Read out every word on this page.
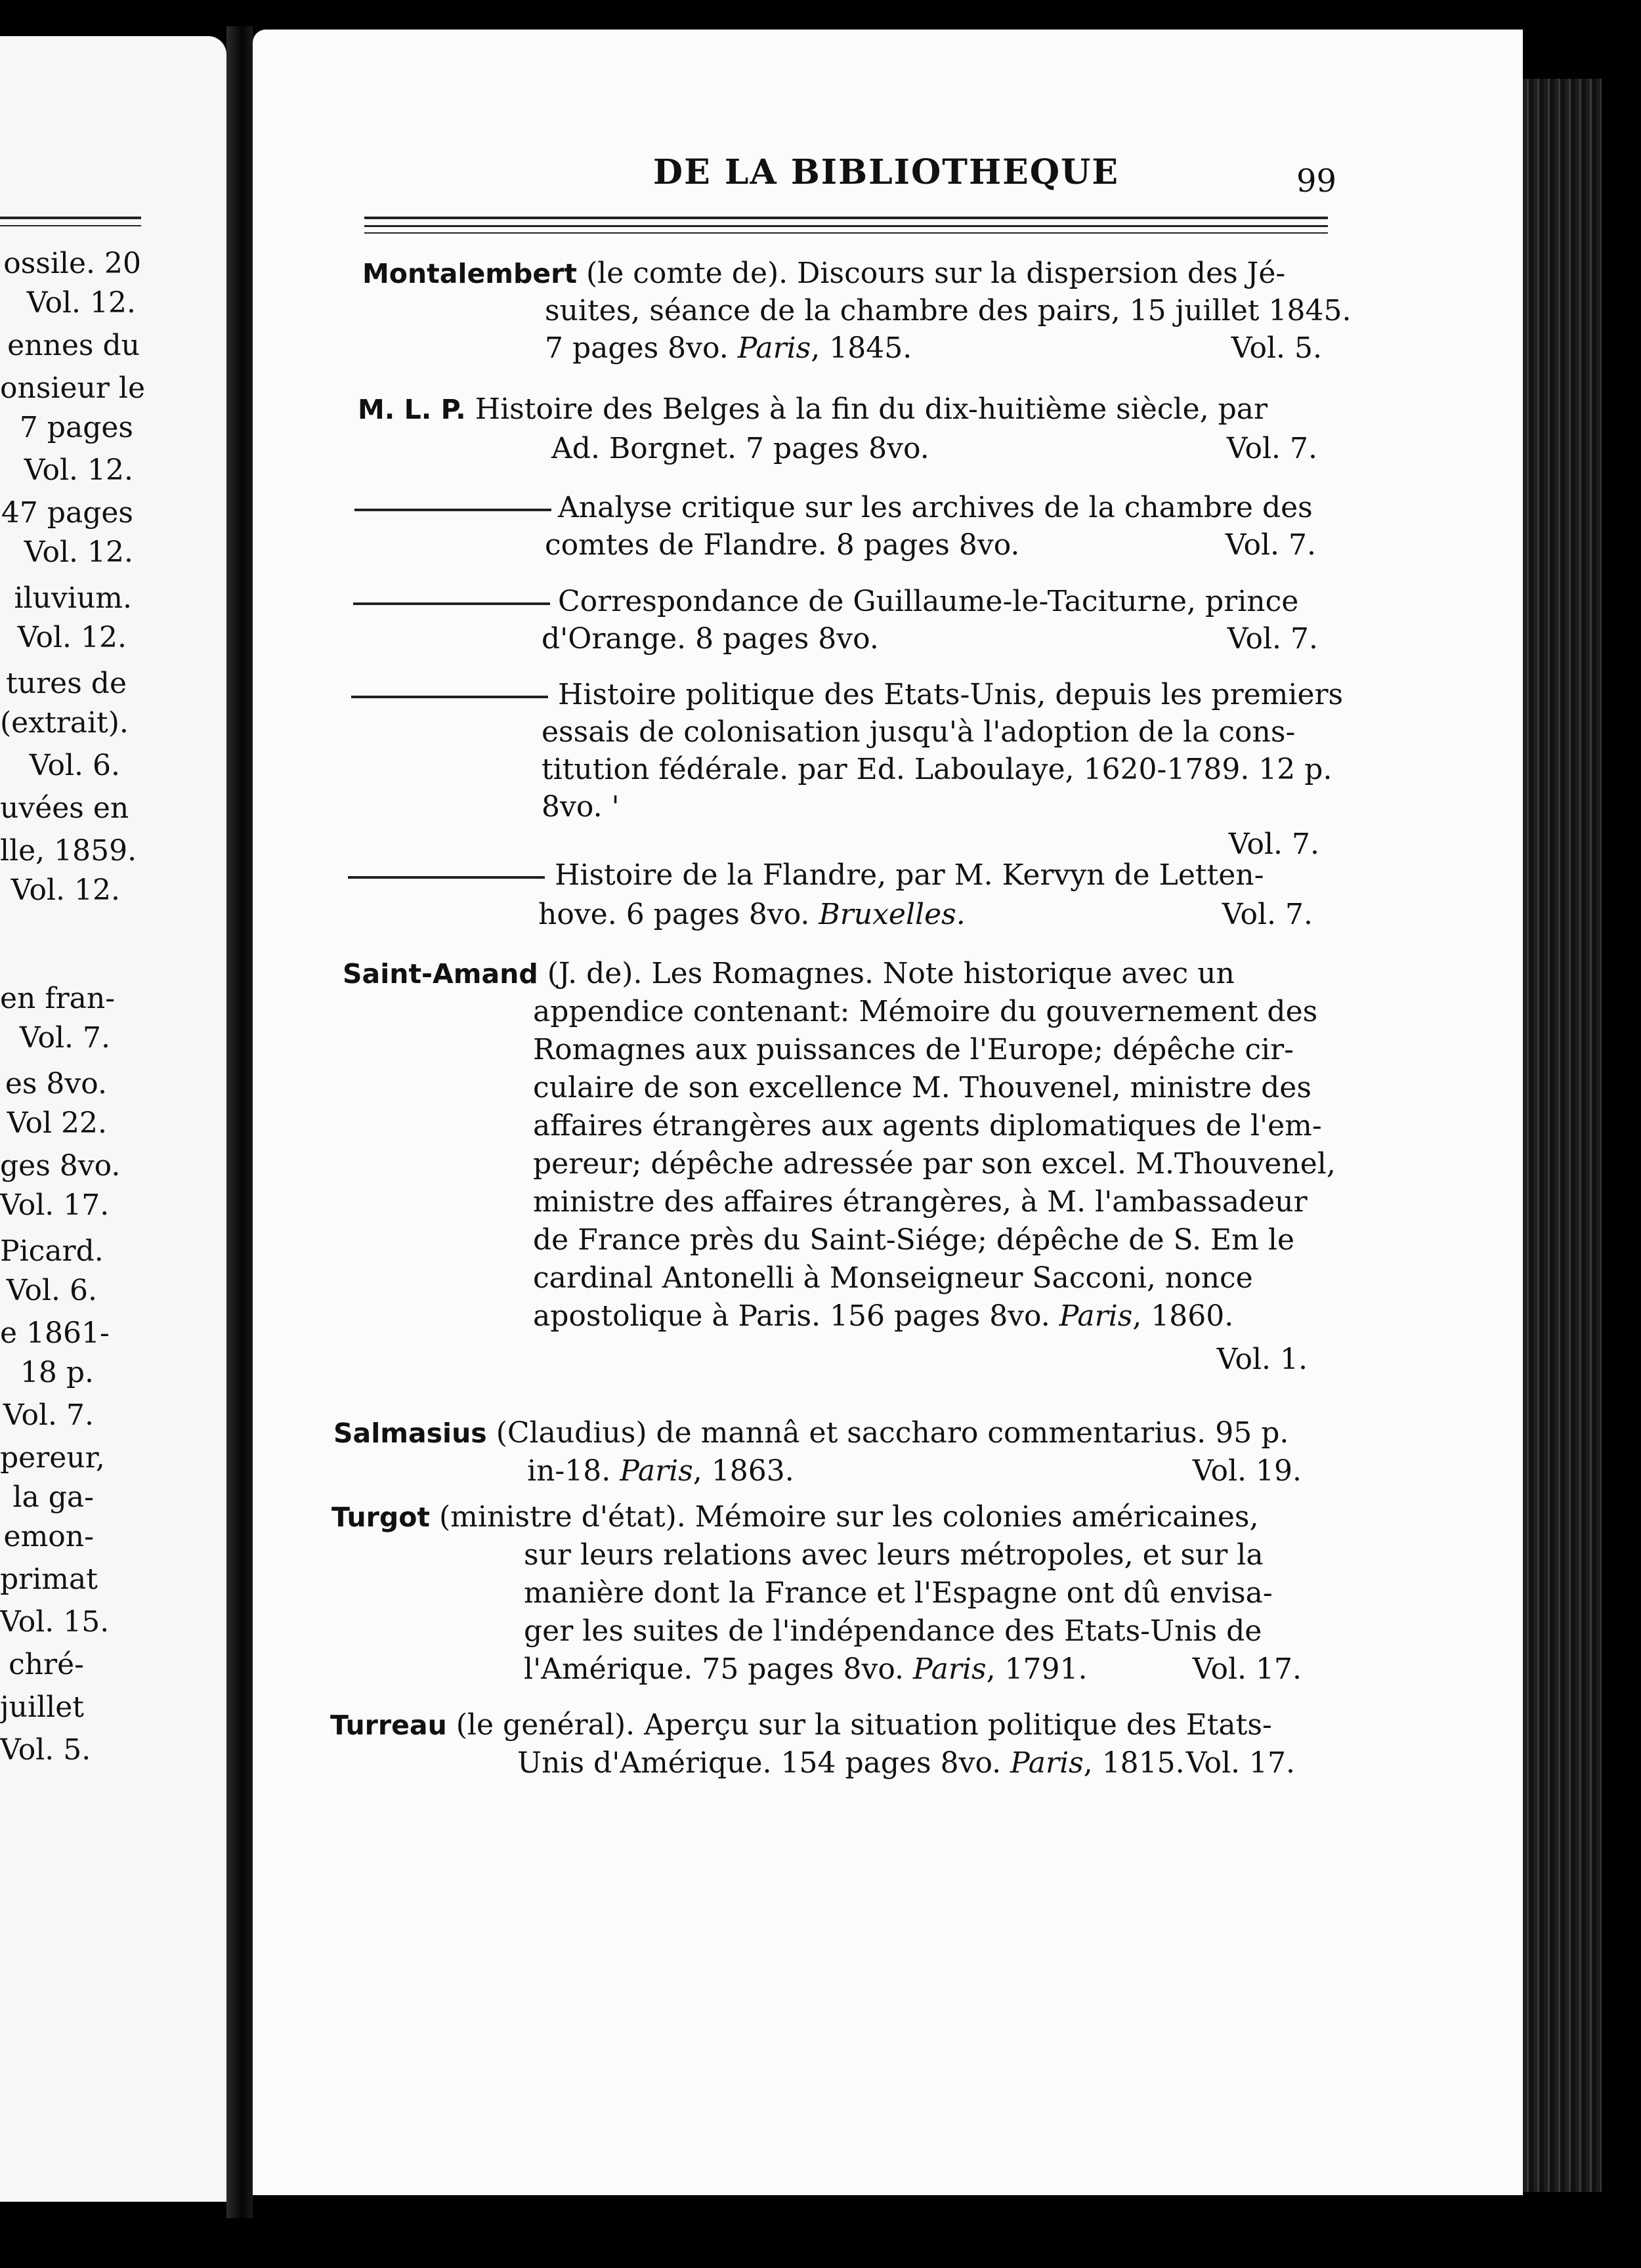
ossile. 20
Vol. 12.
ennes du
onsieur le
7 pages
Vol. 12.
47 pages
Vol. 12.
iluvium.
Vol. 12.
tures de
(extrait).
Vol. 6.
uvées en
lle, 1859.
Vol. 12.
en fran-
Vol. 7.
es 8vo.
Vol 22.
ges 8vo.
Vol. 17.
Picard.
Vol. 6.
e 1861-
18 p.
Vol. 7.
pereur,
la ga-
emon-
primat
Vol. 15.
chré-
juillet
Vol. 5.
DE LA BIBLIOTHEQUE	99
Montalembert (le comte de). Discours sur la dispersion des Jé-
suites, séance de la chambre des pairs, 15 juillet 1845.
7 pages 8vo. Paris, 1845.	Vol. 5.
M. L. P. Histoire des Belges à la fin du dix-huitième siècle, par
Ad. Borgnet. 7 pages 8vo.	Vol. 7.
Analyse critique sur les archives de la chambre des
comtes de Flandre. 8 pages 8vo.	Vol. 7.
Correspondance de Guillaume-le-Taciturne, prince
d'Orange. 8 pages 8vo.	Vol. 7.
Histoire politique des Etats-Unis, depuis les premiers
essais de colonisation jusqu'à l'adoption de la cons-
titution fédérale. par Ed. Laboulaye, 1620-1789. 12 p.
8vo. '
Vol. 7.
Histoire de la Flandre, par M. Kervyn de Letten-
hove. 6 pages 8vo. Bruxelles.	Vol. 7.
Saint-Amand (J. de). Les Romagnes. Note historique avec un
appendice contenant: Mémoire du gouvernement des
Romagnes aux puissances de l'Europe; dépêche cir-
culaire de son excellence M. Thouvenel, ministre des
affaires étrangères aux agents diplomatiques de l'em-
pereur; dépêche adressée par son excel. M.Thouvenel,
ministre des affaires étrangères, à M. l'ambassadeur
de France près du Saint-Siége; dépêche de S. Em le
cardinal Antonelli à Monseigneur Sacconi, nonce
apostolique à Paris. 156 pages 8vo. Paris, 1860.
Vol. 1.
Salmasius (Claudius) de mannâ et saccharo commentarius. 95 p.
in-18. Paris, 1863.	Vol. 19.
Turgot (ministre d'état). Mémoire sur les colonies américaines,
sur leurs relations avec leurs métropoles, et sur la
manière dont la France et l'Espagne ont dû envisa-
ger les suites de l'indépendance des Etats-Unis de
l'Amérique. 75 pages 8vo. Paris, 1791.	Vol. 17.
Turreau (le genéral). Aperçu sur la situation politique des Etats-
Unis d'Amérique. 154 pages 8vo. Paris, 1815. Vol. 17.
